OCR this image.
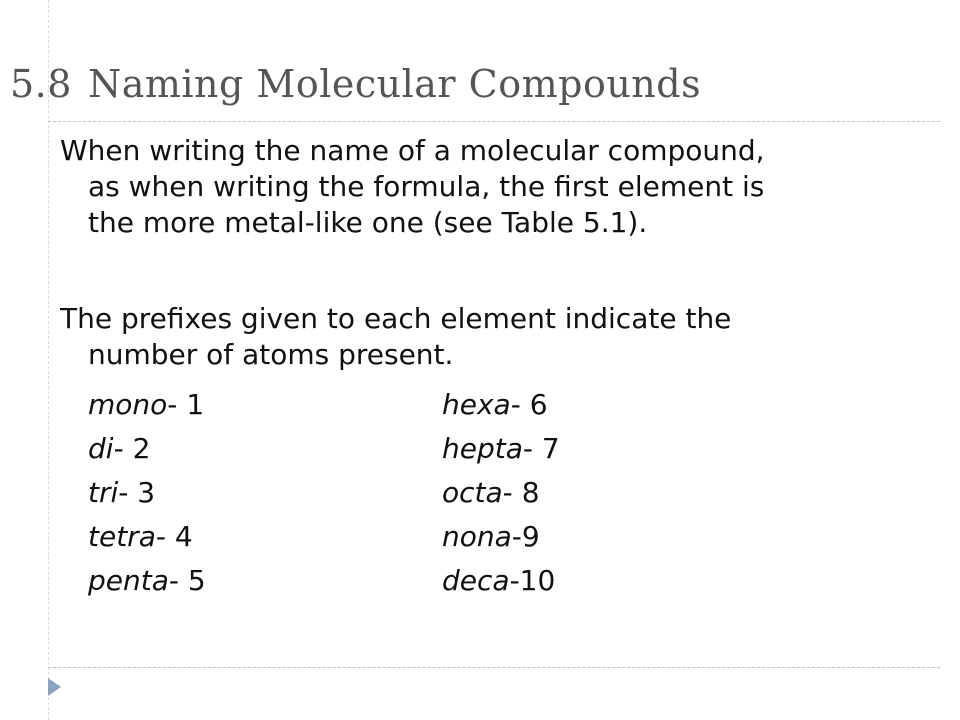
5.8 Naming Molecular Compounds
When writing the name of a molecular compound,
as when writing the formula, the first element is
the more metal-like one (see Table 5.1).
The prefixes given to each element indicate the
number of atoms present.
mono- 1	hexa- 6
di- 2	hepta- 7
tri- 3	octa- 8
tetra- 4	nona-9
penta- 5	deca-10
